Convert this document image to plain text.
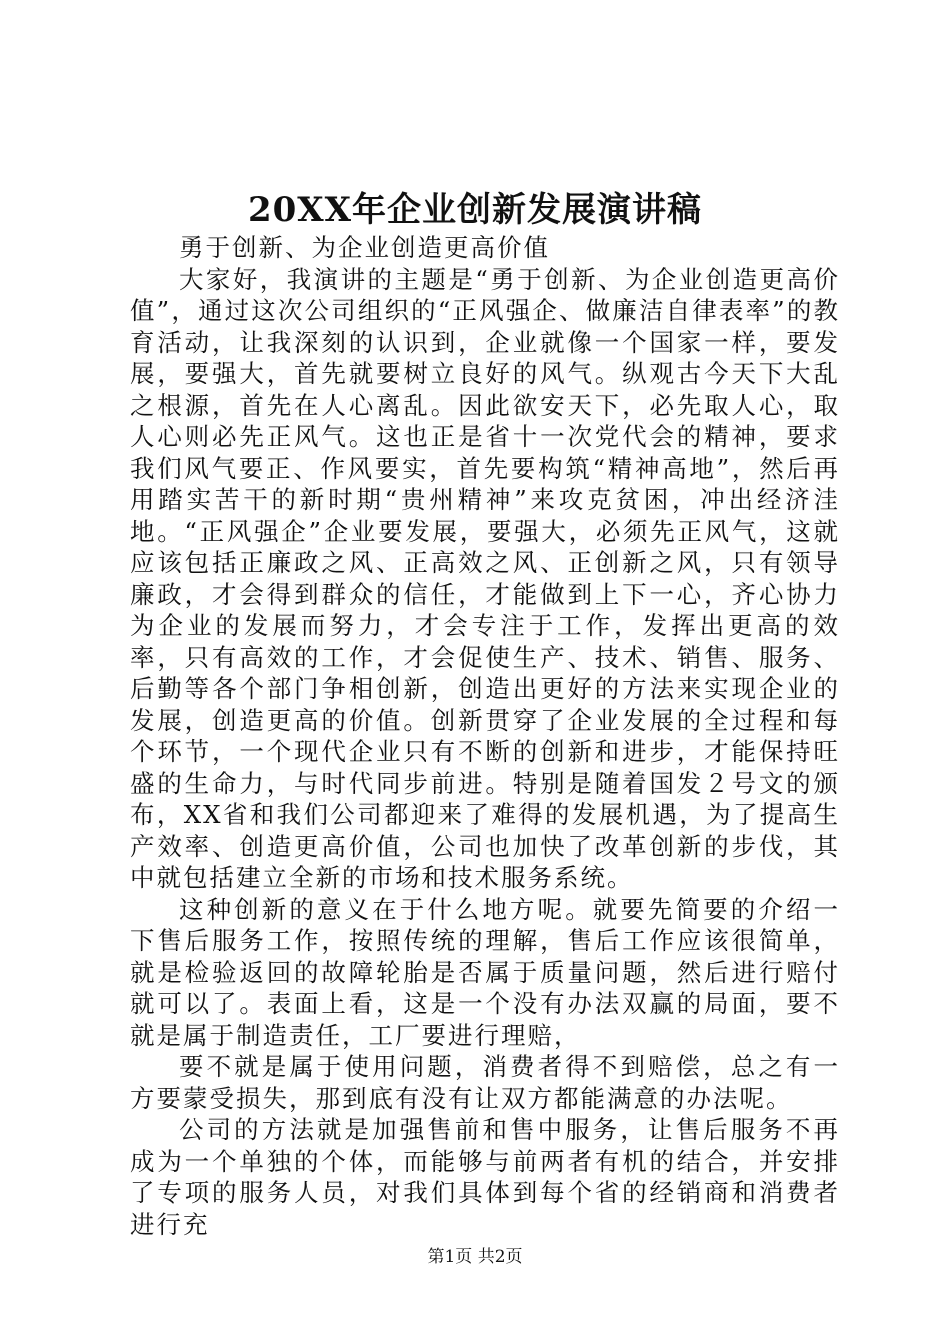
20XX年企业创新发展演讲稿

勇于创新、为企业创造更高价值

大家好，我演讲的主题是“勇于创新、为企业创造更高价值”，通过这次公司组织的“正风强企、做廉洁自律表率”的教育活动，让我深刻的认识到，企业就像一个国家一样，要发展，要强大，首先就要树立良好的风气。纵观古今天下大乱之根源，首先在人心离乱。因此欲安天下，必先取人心，取人心则必先正风气。这也正是省十一次党代会的精神，要求我们风气要正、作风要实，首先要构筑“精神高地”，然后再用踏实苦干的新时期“贵州精神”来攻克贫困，冲出经济洼地。“正风强企”企业要发展，要强大，必须先正风气，这就应该包括正廉政之风、正高效之风、正创新之风，只有领导廉政，才会得到群众的信任，才能做到上下一心，齐心协力为企业的发展而努力，才会专注于工作，发挥出更高的效率，只有高效的工作，才会促使生产、技术、销售、服务、后勤等各个部门争相创新，创造出更好的方法来实现企业的发展，创造更高的价值。创新贯穿了企业发展的全过程和每个环节，一个现代企业只有不断的创新和进步，才能保持旺盛的生命力，与时代同步前进。特别是随着国发２号文的颁布，XX省和我们公司都迎来了难得的发展机遇，为了提高生产效率、创造更高价值，公司也加快了改革创新的步伐，其中就包括建立全新的市场和技术服务系统。

这种创新的意义在于什么地方呢。就要先简要的介绍一下售后服务工作，按照传统的理解，售后工作应该很简单，就是检验返回的故障轮胎是否属于质量问题，然后进行赔付就可以了。表面上看，这是一个没有办法双赢的局面，要不就是属于制造责任，工厂要进行理赔，

要不就是属于使用问题，消费者得不到赔偿，总之有一方要蒙受损失，那到底有没有让双方都能满意的办法呢。

公司的方法就是加强售前和售中服务，让售后服务不再成为一个单独的个体，而能够与前两者有机的结合，并安排了专项的服务人员，对我们具体到每个省的经销商和消费者进行充

第1页 共2页
